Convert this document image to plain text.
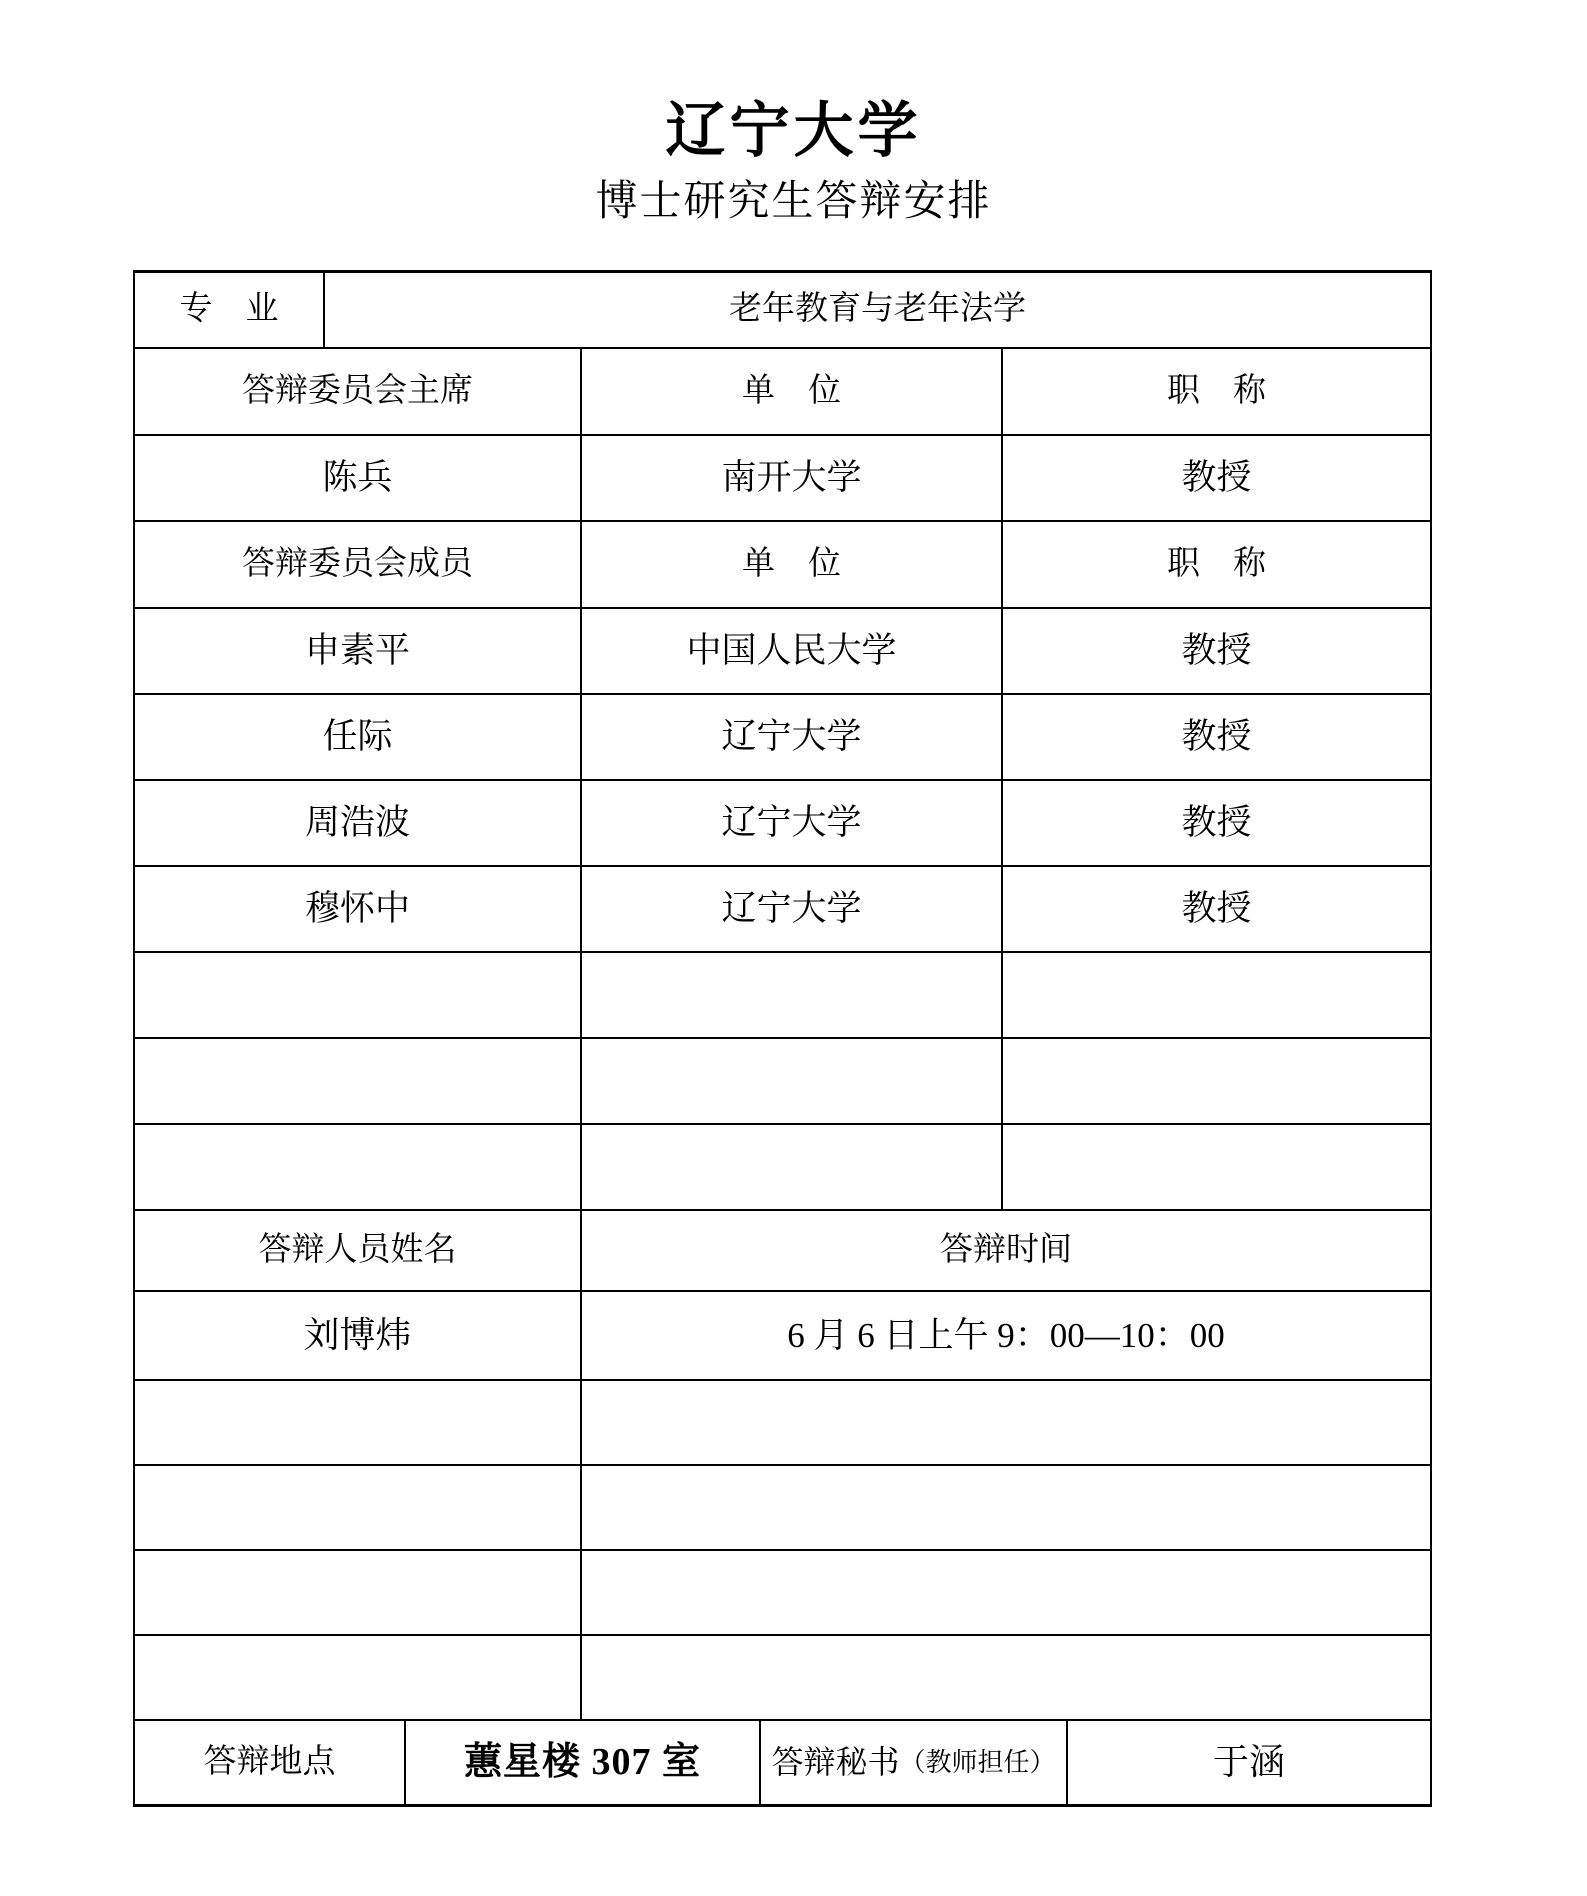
辽宁大学
博士研究生答辩安排
专　业	老年教育与老年法学
答辩委员会主席	单　位	职　称
陈兵	南开大学	教授
答辩委员会成员	单　位	职　称
申素平	中国人民大学	教授
任际	辽宁大学	教授
周浩波	辽宁大学	教授
穆怀中	辽宁大学	教授
答辩人员姓名	答辩时间
刘博炜	6 月 6 日上午 9：00—10：00
答辩地点	蕙星楼 307 室	答辩秘书 （教师担任）	于涵
